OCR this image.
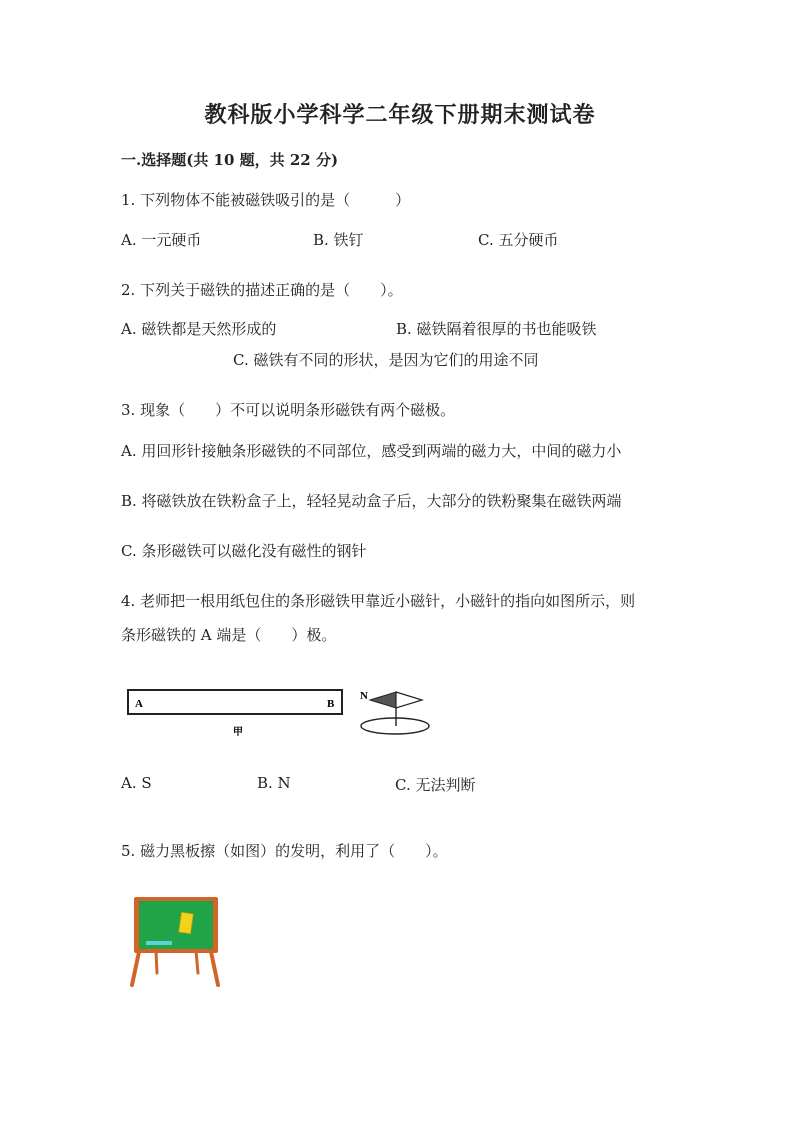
教科版小学科学二年级下册期末测试卷
一.选择题(共 10 题，共 22 分)
1. 下列物体不能被磁铁吸引的是（　　　）
A. 一元硬币	B. 铁钉	C. 五分硬币
2. 下列关于磁铁的描述正确的是（　　）。
A. 磁铁都是天然形成的	B. 磁铁隔着很厚的书也能吸铁
C. 磁铁有不同的形状，是因为它们的用途不同
3. 现象（　　）不可以说明条形磁铁有两个磁极。
A. 用回形针接触条形磁铁的不同部位，感受到两端的磁力大，中间的磁力小
B. 将磁铁放在铁粉盒子上，轻轻晃动盒子后，大部分的铁粉聚集在磁铁两端
C. 条形磁铁可以磁化没有磁性的钢针
4. 老师把一根用纸包住的条形磁铁甲靠近小磁针，小磁针的指向如图所示，则
条形磁铁的 A 端是（　　）极。
A	B
甲
N
A. S	B. N	C. 无法判断
5. 磁力黑板擦（如图）的发明，利用了（　　）。
